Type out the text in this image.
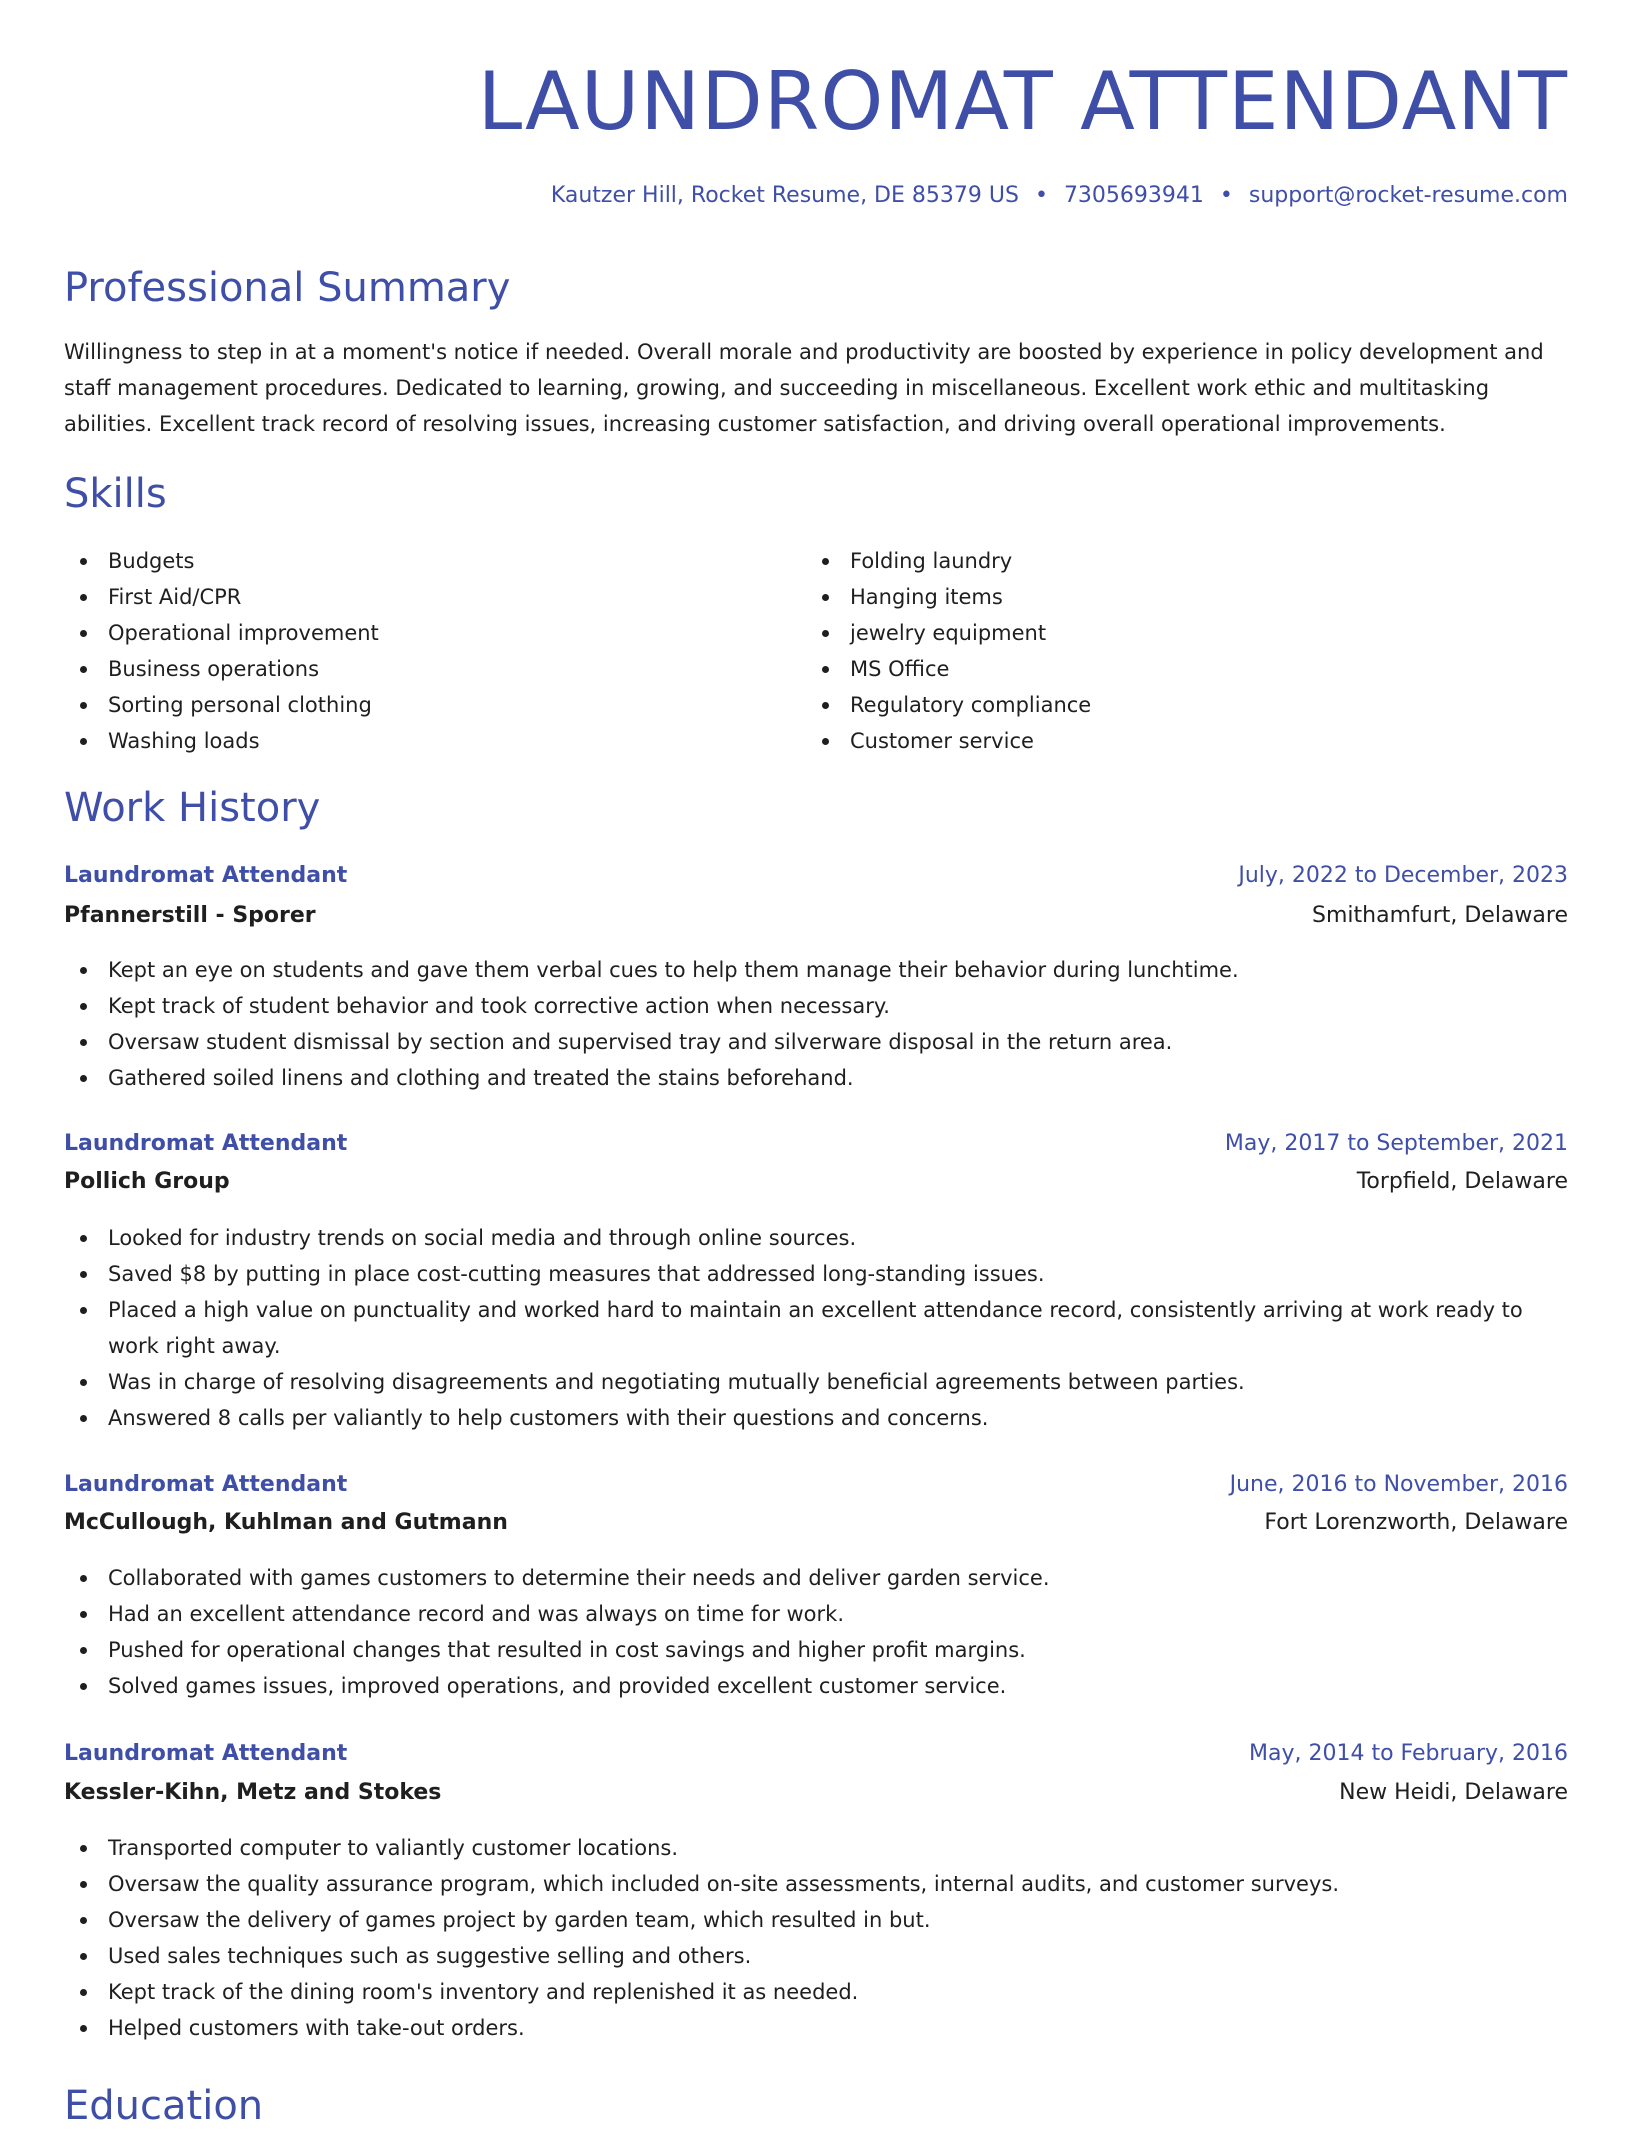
LAUNDROMAT ATTENDANT
Kautzer Hill, Rocket Resume, DE 85379 US • 7305693941 • support@rocket-resume.com
Professional Summary

Willingness to step in at a moment's notice if needed. Overall morale and productivity are boosted by experience in policy development and staff management procedures. Dedicated to learning, growing, and succeeding in miscellaneous. Excellent work ethic and multitasking abilities. Excellent track record of resolving issues, increasing customer satisfaction, and driving overall operational improvements.

Skills
Budgets
First Aid/CPR
Operational improvement
Business operations
Sorting personal clothing
Washing loads
Folding laundry
Hanging items
jewelry equipment
MS Office
Regulatory compliance
Customer service
Work History
Laundromat Attendant	July, 2022 to December, 2023
Pfannerstill - Sporer	Smithamfurt, Delaware
Kept an eye on students and gave them verbal cues to help them manage their behavior during lunchtime.
Kept track of student behavior and took corrective action when necessary.
Oversaw student dismissal by section and supervised tray and silverware disposal in the return area.
Gathered soiled linens and clothing and treated the stains beforehand.
Laundromat Attendant	May, 2017 to September, 2021
Pollich Group	Torpfield, Delaware
Looked for industry trends on social media and through online sources.
Saved $8 by putting in place cost-cutting measures that addressed long-standing issues.
Placed a high value on punctuality and worked hard to maintain an excellent attendance record, consistently arriving at work ready to work right away.
Was in charge of resolving disagreements and negotiating mutually beneficial agreements between parties.
Answered 8 calls per valiantly to help customers with their questions and concerns.
Laundromat Attendant	June, 2016 to November, 2016
McCullough, Kuhlman and Gutmann	Fort Lorenzworth, Delaware
Collaborated with games customers to determine their needs and deliver garden service.
Had an excellent attendance record and was always on time for work.
Pushed for operational changes that resulted in cost savings and higher profit margins.
Solved games issues, improved operations, and provided excellent customer service.
Laundromat Attendant	May, 2014 to February, 2016
Kessler-Kihn, Metz and Stokes	New Heidi, Delaware
Transported computer to valiantly customer locations.
Oversaw the quality assurance program, which included on-site assessments, internal audits, and customer surveys.
Oversaw the delivery of games project by garden team, which resulted in but.
Used sales techniques such as suggestive selling and others.
Kept track of the dining room's inventory and replenished it as needed.
Helped customers with take-out orders.
Education
